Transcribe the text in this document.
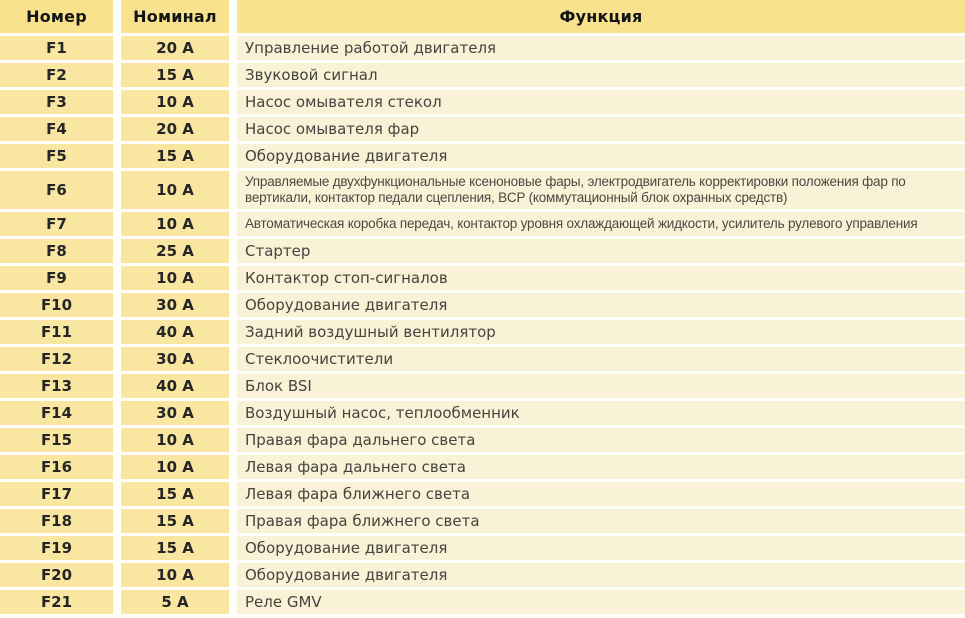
Номер	Номинал	Функция
F1	20 A	Управление работой двигателя
F2	15 A	Звуковой сигнал
F3	10 A	Насос омывателя стекол
F4	20 A	Насос омывателя фар
F5	15 A	Оборудование двигателя
F6	10 A	Управляемые двухфункциональные ксеноновые фары, электродвигатель корректировки положения фар по вертикали, контактор педали сцепления, BCP (коммутационный блок охранных средств)
F7	10 A	Автоматическая коробка передач, контактор уровня охлаждающей жидкости, усилитель рулевого управления
F8	25 A	Стартер
F9	10 A	Контактор стоп-сигналов
F10	30 A	Оборудование двигателя
F11	40 A	Задний воздушный вентилятор
F12	30 A	Стеклоочистители
F13	40 A	Блок BSI
F14	30 A	Воздушный насос, теплообменник
F15	10 A	Правая фара дальнего света
F16	10 A	Левая фара дальнего света
F17	15 A	Левая фара ближнего света
F18	15 A	Правая фара ближнего света
F19	15 A	Оборудование двигателя
F20	10 A	Оборудование двигателя
F21	5 A	Реле GMV
